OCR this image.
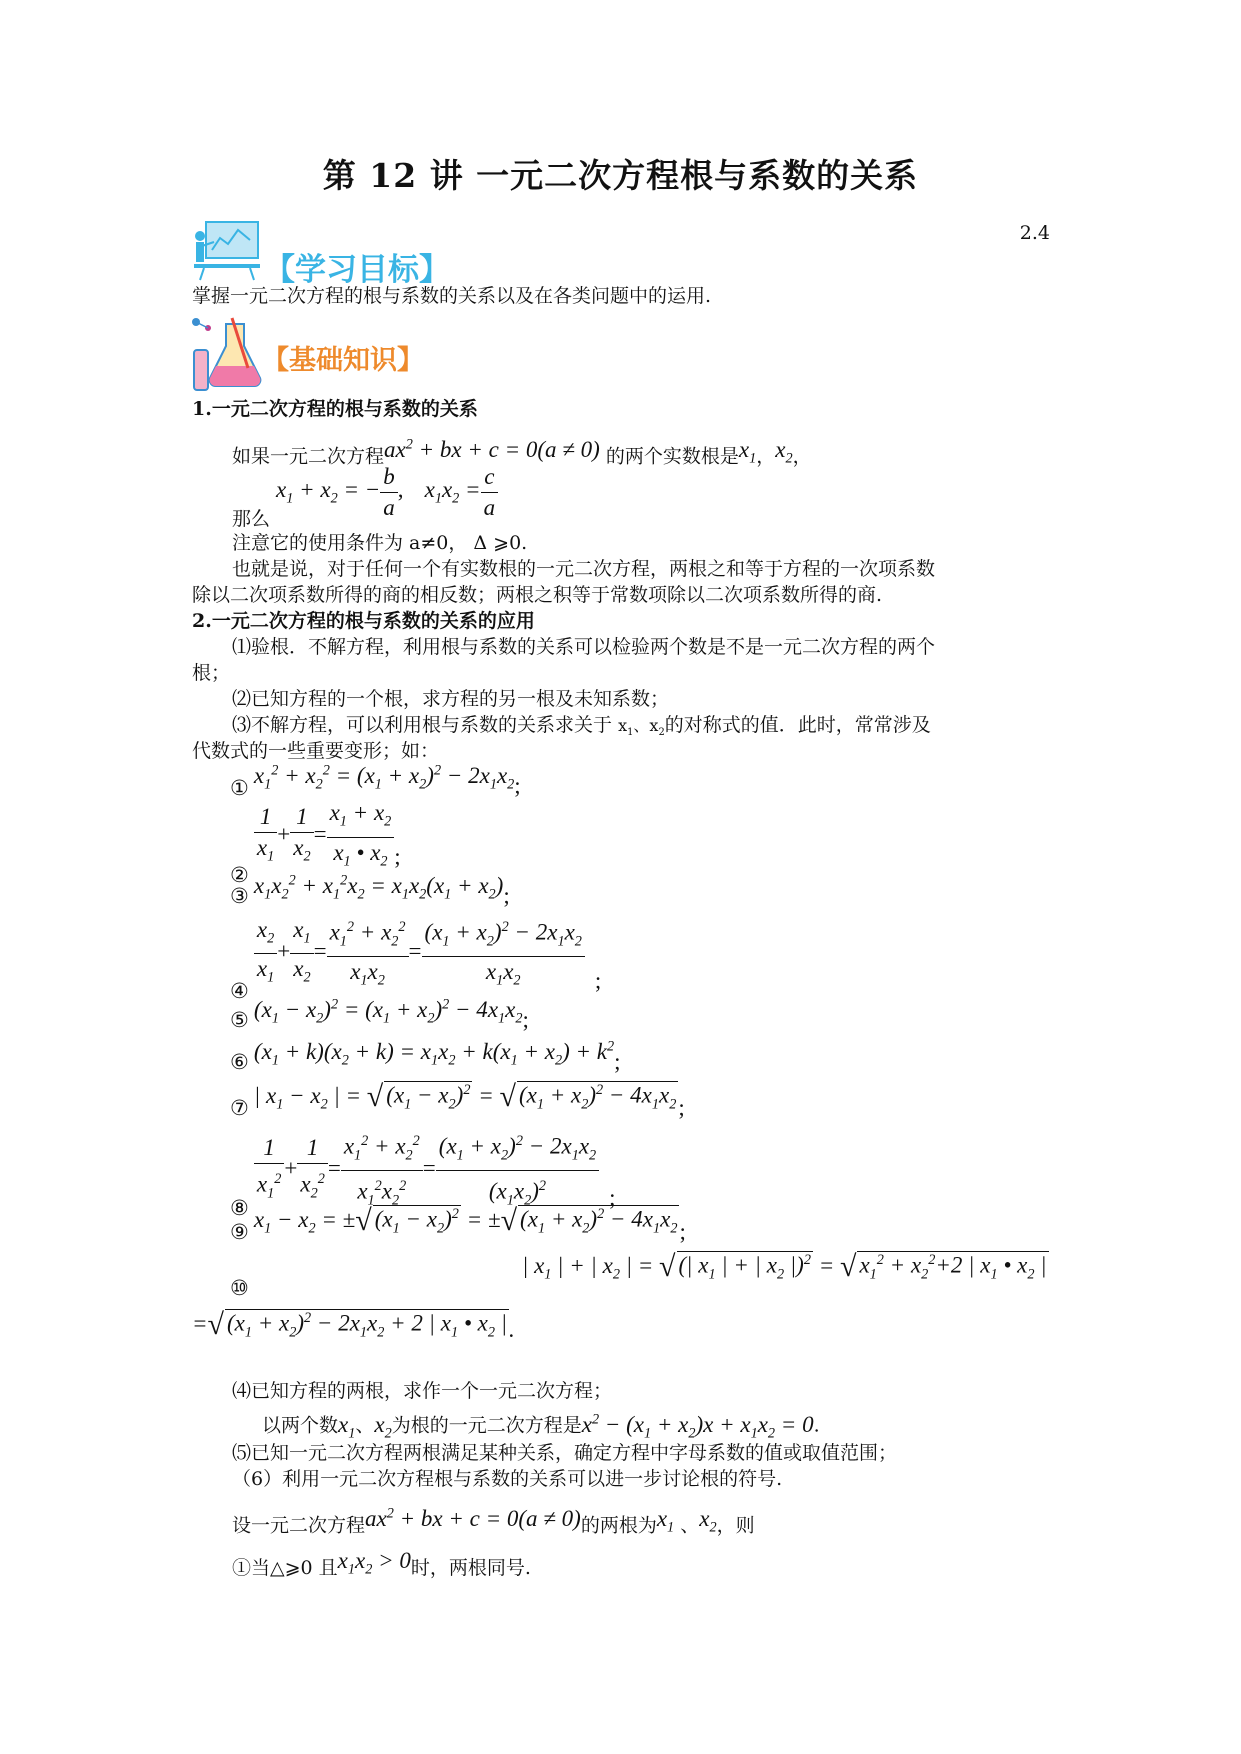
第 12 讲 一元二次方程根与系数的关系
2.4
【学习目标】
掌握一元二次方程的根与系数的关系以及在各类问题中的运用.
【基础知识】
1.一元二次方程的根与系数的关系
如果一元二次方程$ax^2$ + bx + c = 0(a ≠ 0) 的两个实数根是$x_1$，$x_2$，
$x_1 + x_2$ = − $\frac{b}{a}$ , $x_1x_2 = \frac{c}{a}$
那么
注意它的使用条件为 a≠0， Δ ⩾0.
也就是说，对于任何一个有实数根的一元二次方程，两根之和等于方程的一次项系数
除以二次项系数所得的商的相反数；两根之积等于常数项除以二次项系数所得的商.
2.一元二次方程的根与系数的关系的应用
⑴验根．不解方程，利用根与系数的关系可以检验两个数是不是一元二次方程的两个
根；
⑵已知方程的一个根，求方程的另一根及未知系数；
⑶不解方程，可以利用根与系数的关系求关于 $x_1$、$x_2$的对称式的值．此时，常常涉及
代数式的一些重要变形；如：
① $x_1^2 + x_2^2 = (x_1 + x_2)^2 - 2x_1x_2$;
②
$\frac{1}{x_1} + \frac{1}{x_2} = \frac{x_1 + x_2}{x_1 • x_2}$ ;
③ $x_1x_2^2 + x_1^2x_2 = x_1x_2(x_1 + x_2)$;
④ $\frac{x_2}{x_1} + \frac{x_1}{x_2} = \frac{x_1^2 + x_2^2}{x_1x_2} = \frac{(x_1 + x_2)^2 - 2x_1x_2}{x_1x_2}$ ;
⑤ $(x_1 - x_2)^2 = (x_1 + x_2)^2 - 4x_1x_2$;
⑥ $(x_1 + k)(x_2 + k) = x_1x_2 + k(x_1 + x_2) + k^2$;
⑦ | $x_1 - x_2$ | = √ $(x_1 - x_2)^2$ = √ $(x_1 + x_2)^2 - 4x_1x_2$;
⑧ $\frac{1}{x_1^2} + \frac{1}{x_2^2} = \frac{x_1^2 + x_2^2}{x_1^2x_2^2} = \frac{(x_1 + x_2)^2 - 2x_1x_2}{(x_1x_2)^2}$ ;
⑨ $x_1 - x_2$ = ±√ $(x_1 - x_2)^2$ = ±√ $(x_1 + x_2)^2 - 4x_1x_2$;
⑩
| $x_1$ | + | $x_2$ | = √ (| $x_1$ | + | $x_2$ |)$^2$ = √ $x_1^2 + x_2^2+2$ | $x_1$ • $x_2$ |
=√ $(x_1 + x_2)^2 - 2x_1x_2 + 2$ | $x_1$ • $x_2$ |.
⑷已知方程的两根，求作一个一元二次方程；
以两个数$x_1$、$x_2$为根的一元二次方程是$x^2 - (x_1 + x_2)x + x_1x_2 = 0$.
⑸已知一元二次方程两根满足某种关系，确定方程中字母系数的值或取值范围；
（6）利用一元二次方程根与系数的关系可以进一步讨论根的符号.
设一元二次方程$ax^2$ + bx + c = 0(a ≠ 0)的两根为$x_1$ 、$x_2$，则
①当△⩾0 且$x_1x_2 > 0$时，两根同号.
